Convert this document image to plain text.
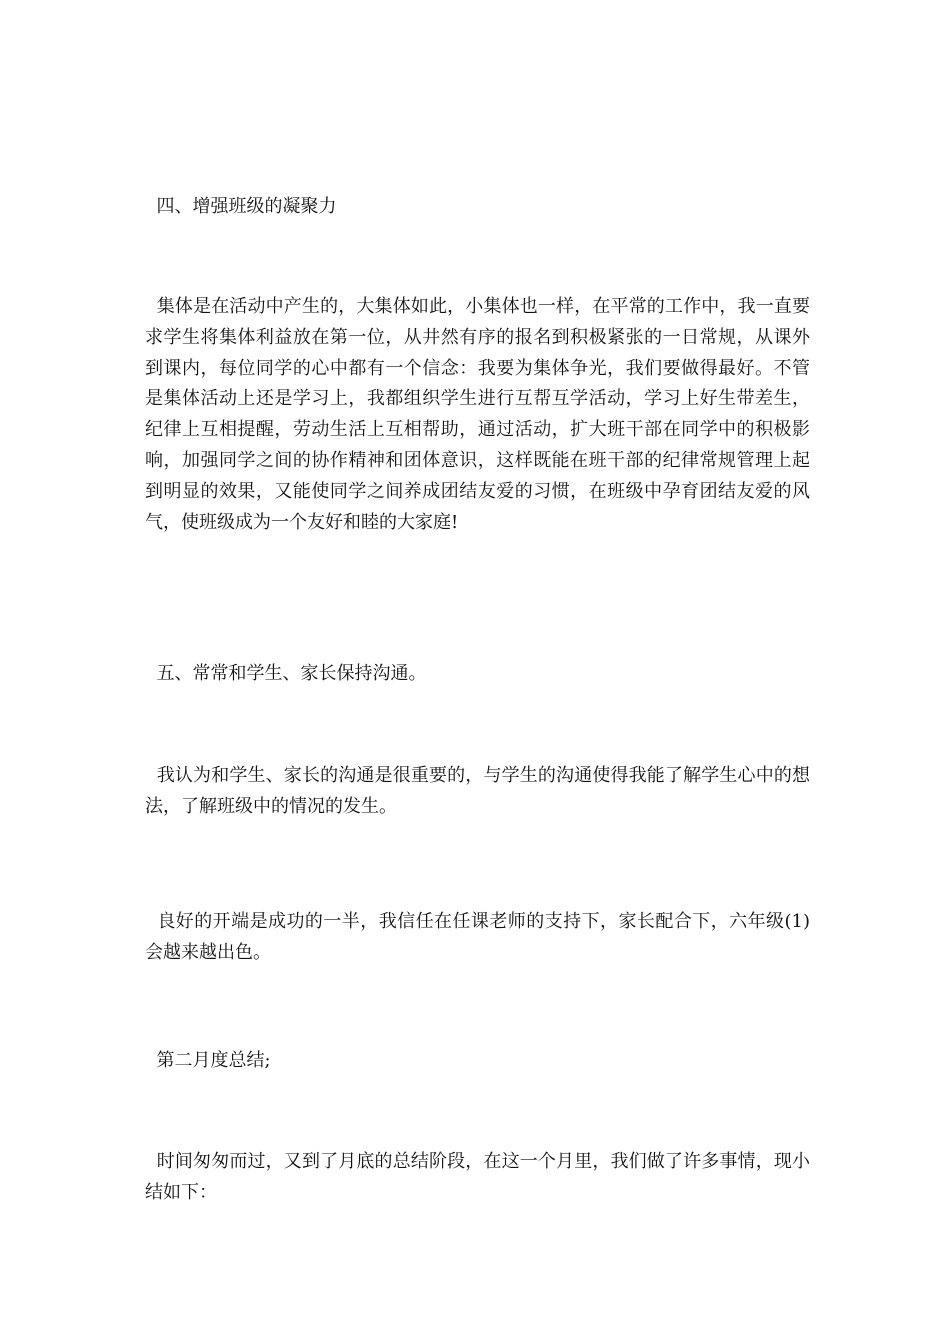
四、增强班级的凝聚力

集体是在活动中产生的，大集体如此，小集体也一样，在平常的工作中，我一直要求学生将集体利益放在第一位，从井然有序的报名到积极紧张的一日常规，从课外到课内，每位同学的心中都有一个信念：我要为集体争光，我们要做得最好。不管是集体活动上还是学习上，我都组织学生进行互帮互学活动，学习上好生带差生，纪律上互相提醒，劳动生活上互相帮助，通过活动，扩大班干部在同学中的积极影响，加强同学之间的协作精神和团体意识，这样既能在班干部的纪律常规管理上起到明显的效果，又能使同学之间养成团结友爱的习惯，在班级中孕育团结友爱的风气，使班级成为一个友好和睦的大家庭!

五、常常和学生、家长保持沟通。

我认为和学生、家长的沟通是很重要的，与学生的沟通使得我能了解学生心中的想法，了解班级中的情况的发生。

良好的开端是成功的一半，我信任在任课老师的支持下，家长配合下，六年级(1)会越来越出色。

第二月度总结;

时间匆匆而过，又到了月底的总结阶段，在这一个月里，我们做了许多事情，现小结如下：
